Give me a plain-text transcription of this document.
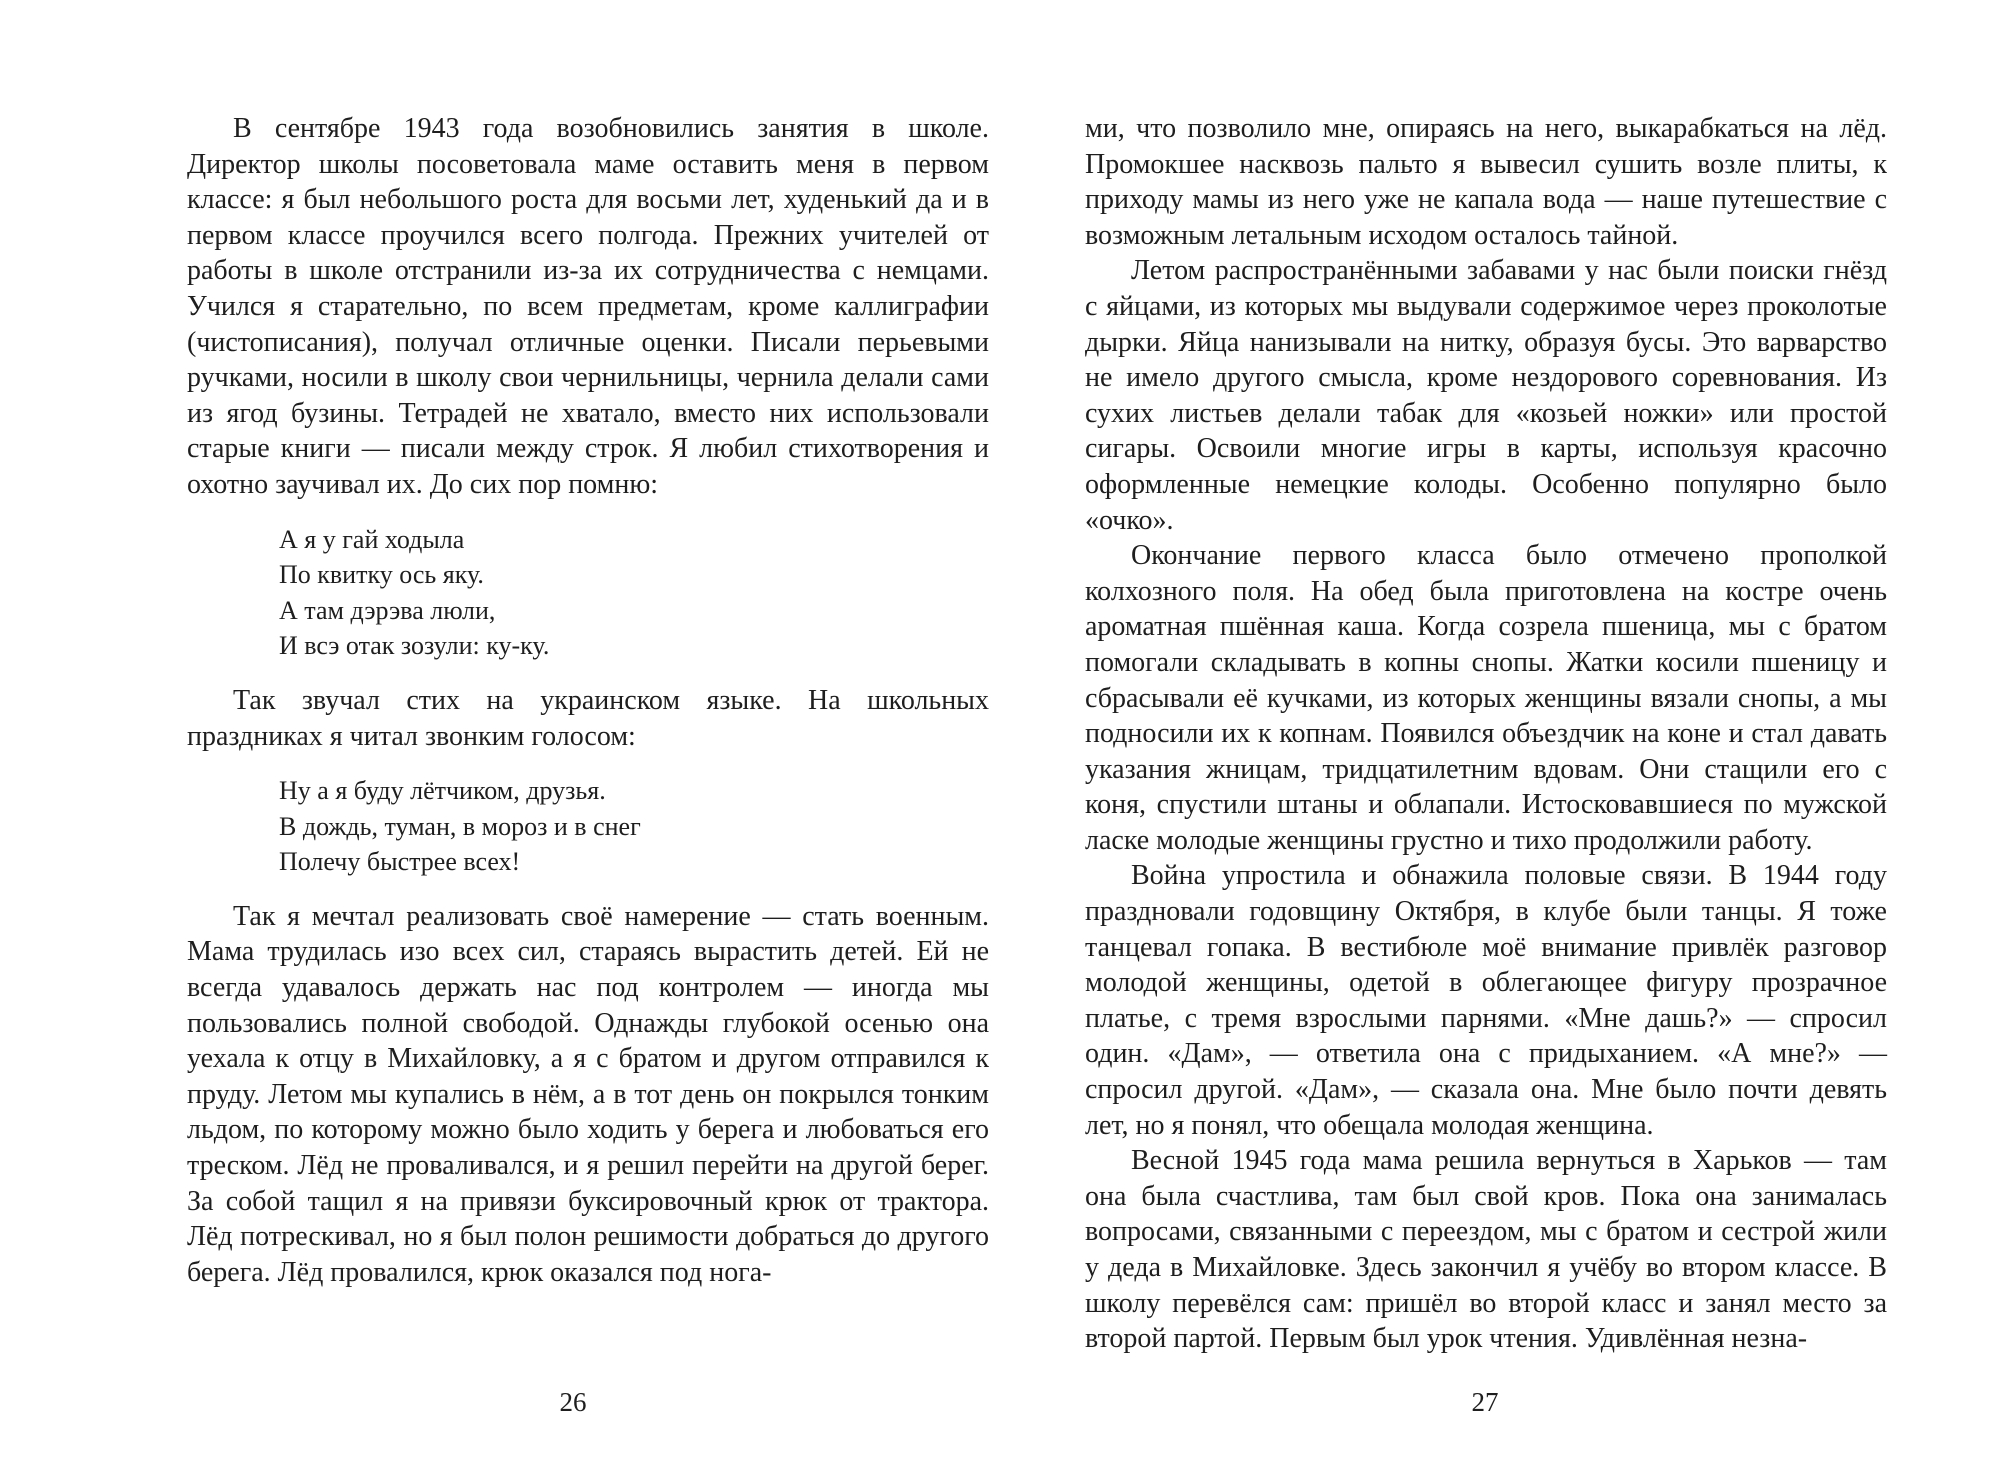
В сентябре 1943 года возобновились занятия в школе. Директор школы посоветовала маме оставить меня в первом классе: я был небольшого роста для восьми лет, худенький да и в первом классе проучился всего полгода. Прежних учителей от работы в школе отстранили из-за их сотрудничества с немцами. Учился я старательно, по всем предметам, кроме каллиграфии (чистописания), получал отличные оценки. Писали перьевыми ручками, носили в школу свои чернильницы, чернила делали сами из ягод бузины. Тетрадей не хватало, вместо них использовали старые книги — писали между строк. Я любил стихотворения и охотно заучивал их. До сих пор помню:

А я у гай ходыла
По квитку ось яку.
А там дэрэва люли,
И всэ отак зозули: ку-ку.

Так звучал стих на украинском языке. На школьных праздниках я читал звонким голосом:

Ну а я буду лётчиком, друзья.
В дождь, туман, в мороз и в снег
Полечу быстрее всех!

Так я мечтал реализовать своё намерение — стать военным. Мама трудилась изо всех сил, стараясь вырастить детей. Ей не всегда удавалось держать нас под контролем — иногда мы пользовались полной свободой. Однажды глубокой осенью она уехала к отцу в Михайловку, а я с братом и другом отправился к пруду. Летом мы купались в нём, а в тот день он покрылся тонким льдом, по которому можно было ходить у берега и любоваться его треском. Лёд не проваливался, и я решил перейти на другой берег. За собой тащил я на привязи буксировочный крюк от трактора. Лёд потрескивал, но я был полон решимости добраться до другого берега. Лёд провалился, крюк оказался под нога-

26

ми, что позволило мне, опираясь на него, выкарабкаться на лёд. Промокшее насквозь пальто я вывесил сушить возле плиты, к приходу мамы из него уже не капала вода — наше путешествие с возможным летальным исходом осталось тайной.

Летом распространёнными забавами у нас были поиски гнёзд с яйцами, из которых мы выдували содержимое через проколотые дырки. Яйца нанизывали на нитку, образуя бусы. Это варварство не имело другого смысла, кроме нездорового соревнования. Из сухих листьев делали табак для «козьей ножки» или простой сигары. Освоили многие игры в карты, используя красочно оформленные немецкие колоды. Особенно популярно было «очко».

Окончание первого класса было отмечено прополкой колхозного поля. На обед была приготовлена на костре очень ароматная пшённая каша. Когда созрела пшеница, мы с братом помогали складывать в копны снопы. Жатки косили пшеницу и сбрасывали её кучками, из которых женщины вязали снопы, а мы подносили их к копнам. Появился объездчик на коне и стал давать указания жницам, тридцатилетним вдовам. Они стащили его с коня, спустили штаны и облапали. Истосковавшиеся по мужской ласке молодые женщины грустно и тихо продолжили работу.

Война упростила и обнажила половые связи. В 1944 году праздновали годовщину Октября, в клубе были танцы. Я тоже танцевал гопака. В вестибюле моё внимание привлёк разговор молодой женщины, одетой в облегающее фигуру прозрачное платье, с тремя взрослыми парнями. «Мне дашь?» — спросил один. «Дам», — ответила она с придыханием. «А мне?» — спросил другой. «Дам», — сказала она. Мне было почти девять лет, но я понял, что обещала молодая женщина.

Весной 1945 года мама решила вернуться в Харьков — там она была счастлива, там был свой кров. Пока она занималась вопросами, связанными с переездом, мы с братом и сестрой жили у деда в Михайловке. Здесь закончил я учёбу во втором классе. В школу перевёлся сам: пришёл во второй класс и занял место за второй партой. Первым был урок чтения. Удивлённая незна-

27
